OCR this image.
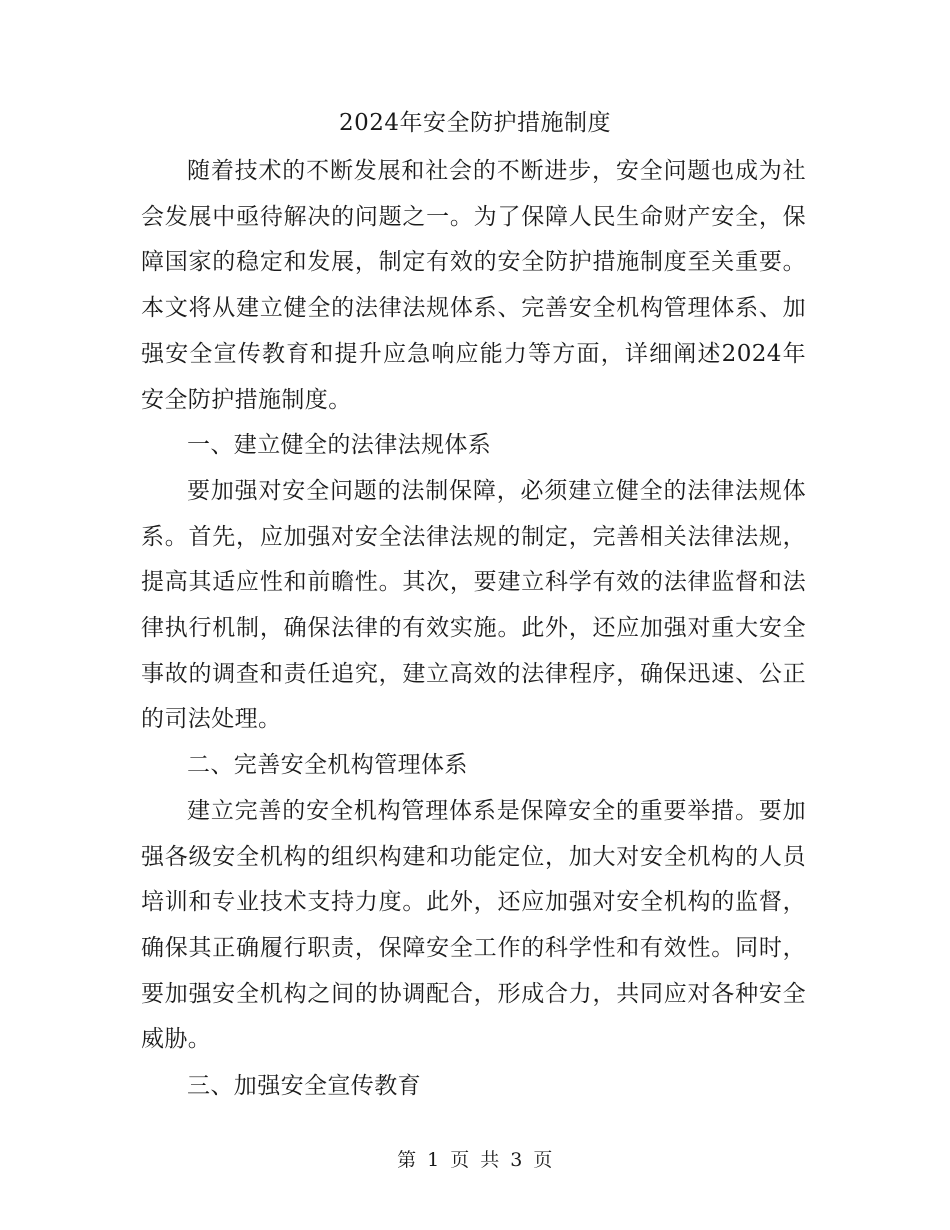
2024年安全防护措施制度

随着技术的不断发展和社会的不断进步，安全问题也成为社会发展中亟待解决的问题之一。为了保障人民生命财产安全，保障国家的稳定和发展，制定有效的安全防护措施制度至关重要。本文将从建立健全的法律法规体系、完善安全机构管理体系、加强安全宣传教育和提升应急响应能力等方面，详细阐述2024年安全防护措施制度。

一、建立健全的法律法规体系

要加强对安全问题的法制保障，必须建立健全的法律法规体系。首先，应加强对安全法律法规的制定，完善相关法律法规，提高其适应性和前瞻性。其次，要建立科学有效的法律监督和法律执行机制，确保法律的有效实施。此外，还应加强对重大安全事故的调查和责任追究，建立高效的法律程序，确保迅速、公正的司法处理。

二、完善安全机构管理体系

建立完善的安全机构管理体系是保障安全的重要举措。要加强各级安全机构的组织构建和功能定位，加大对安全机构的人员培训和专业技术支持力度。此外，还应加强对安全机构的监督，确保其正确履行职责，保障安全工作的科学性和有效性。同时，要加强安全机构之间的协调配合，形成合力，共同应对各种安全威胁。

三、加强安全宣传教育

第 1 页 共 3 页
